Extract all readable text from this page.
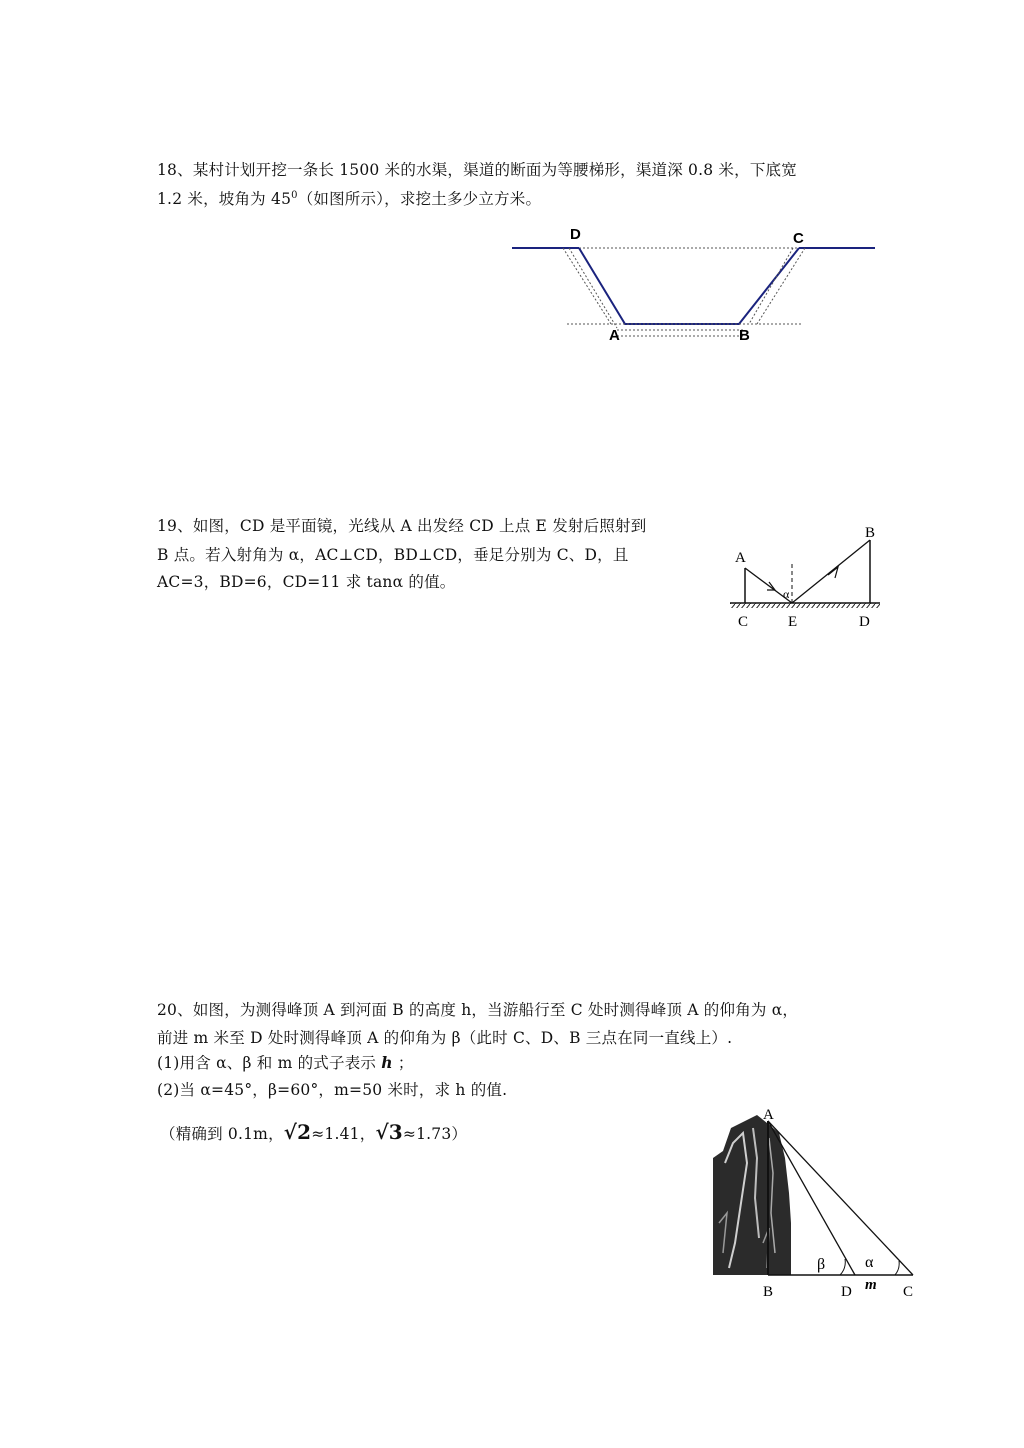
18、某村计划开挖一条长 1500 米的水渠，渠道的断面为等腰梯形，渠道深 0.8 米，下底宽
1.2 米，坡角为 $45^0$（如图所示），求挖土多少立方米。
D	C
A	B
19、如图，CD 是平面镜，光线从 A 出发经 CD 上点 E 发射后照射到
B 点。若入射角为 α，AC⊥CD，BD⊥CD，垂足分别为 C、D，且
AC=3，BD=6，CD=11 求 tanα 的值。
A
B
C	E	D
α
20、如图，为测得峰顶 A 到河面 B 的高度 h，当游船行至 C 处时测得峰顶 A 的仰角为 α，
前进 m 米至 D 处时测得峰顶 A 的仰角为 β（此时 C、D、B 三点在同一直线上）.
(1)用含 α、β 和 m 的式子表示 h ；
(2)当 α=45°，β=60°，m=50 米时，求 h 的值.
（精确到 0.1m，√2≈1.41，√3≈1.73）
A
B	D	C
β α
m
